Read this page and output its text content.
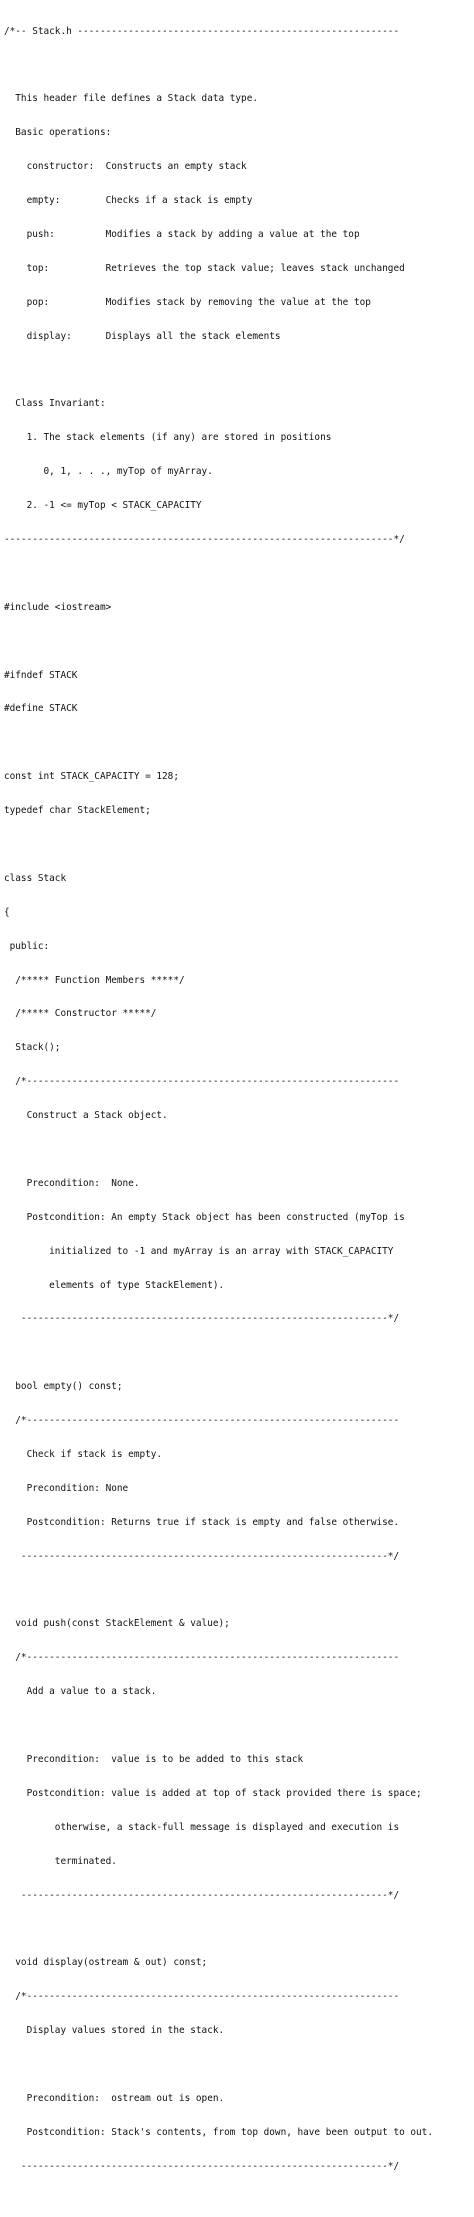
/*-- Stack.h ---------------------------------------------------------

This header file defines a Stack data type.

Basic operations:

constructor:  Constructs an empty stack

empty:        Checks if a stack is empty

push:         Modifies a stack by adding a value at the top

top:          Retrieves the top stack value; leaves stack unchanged

pop:          Modifies stack by removing the value at the top

display:      Displays all the stack elements

Class Invariant:

1. The stack elements (if any) are stored in positions

0, 1, . . ., myTop of myArray.

2. -1 <= myTop < STACK_CAPACITY

---------------------------------------------------------------------*/

#include <iostream>

#ifndef STACK

#define STACK

const int STACK_CAPACITY = 128;

typedef char StackElement;

class Stack

{

public:

/***** Function Members *****/

/***** Constructor *****/

Stack();

/*------------------------------------------------------------------

Construct a Stack object.

Precondition:  None.

Postcondition: An empty Stack object has been constructed (myTop is

initialized to -1 and myArray is an array with STACK_CAPACITY

elements of type StackElement).

-----------------------------------------------------------------*/

bool empty() const;

/*------------------------------------------------------------------

Check if stack is empty.

Precondition: None

Postcondition: Returns true if stack is empty and false otherwise.

-----------------------------------------------------------------*/

void push(const StackElement & value);

/*------------------------------------------------------------------

Add a value to a stack.

Precondition:  value is to be added to this stack

Postcondition: value is added at top of stack provided there is space;

otherwise, a stack-full message is displayed and execution is

terminated.

-----------------------------------------------------------------*/

void display(ostream & out) const;

/*------------------------------------------------------------------

Display values stored in the stack.

Precondition:  ostream out is open.

Postcondition: Stack's contents, from top down, have been output to out.

-----------------------------------------------------------------*/
